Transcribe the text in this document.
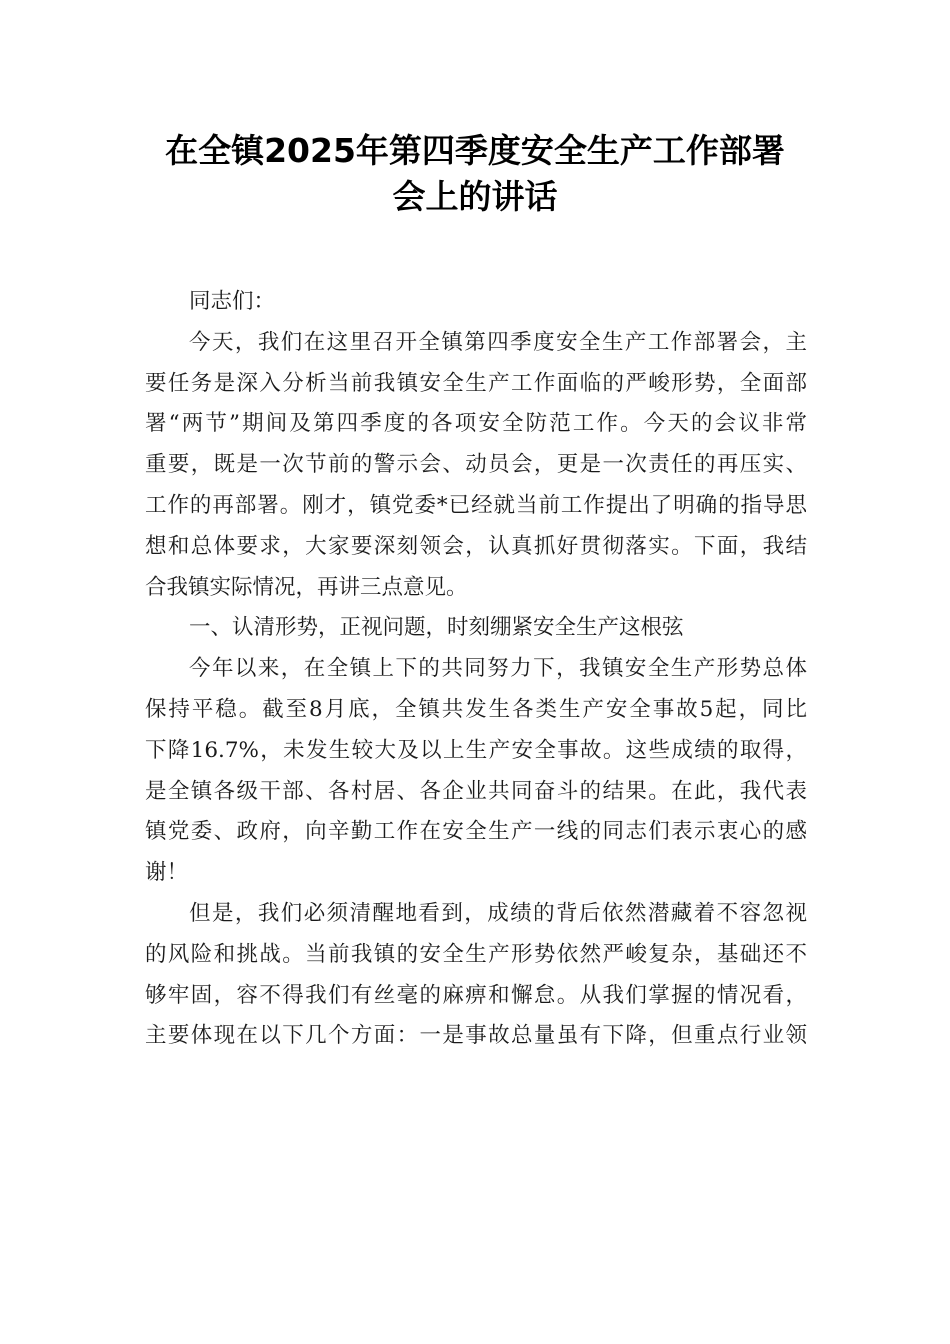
在全镇2025年第四季度安全生产工作部署
会上的讲话
同志们：
今天，我们在这里召开全镇第四季度安全生产工作部署会，主
要任务是深入分析当前我镇安全生产工作面临的严峻形势，全面部
署“两节”期间及第四季度的各项安全防范工作。今天的会议非常
重要，既是一次节前的警示会、动员会，更是一次责任的再压实、
工作的再部署。刚才，镇党委*已经就当前工作提出了明确的指导思
想和总体要求，大家要深刻领会，认真抓好贯彻落实。下面，我结
合我镇实际情况，再讲三点意见。
一、认清形势，正视问题，时刻绷紧安全生产这根弦
今年以来，在全镇上下的共同努力下，我镇安全生产形势总体
保持平稳。截至8月底，全镇共发生各类生产安全事故5起，同比
下降16.7%，未发生较大及以上生产安全事故。这些成绩的取得，
是全镇各级干部、各村居、各企业共同奋斗的结果。在此，我代表
镇党委、政府，向辛勤工作在安全生产一线的同志们表示衷心的感
谢！
但是，我们必须清醒地看到，成绩的背后依然潜藏着不容忽视
的风险和挑战。当前我镇的安全生产形势依然严峻复杂，基础还不
够牢固，容不得我们有丝毫的麻痹和懈怠。从我们掌握的情况看，
主要体现在以下几个方面：一是事故总量虽有下降，但重点行业领
